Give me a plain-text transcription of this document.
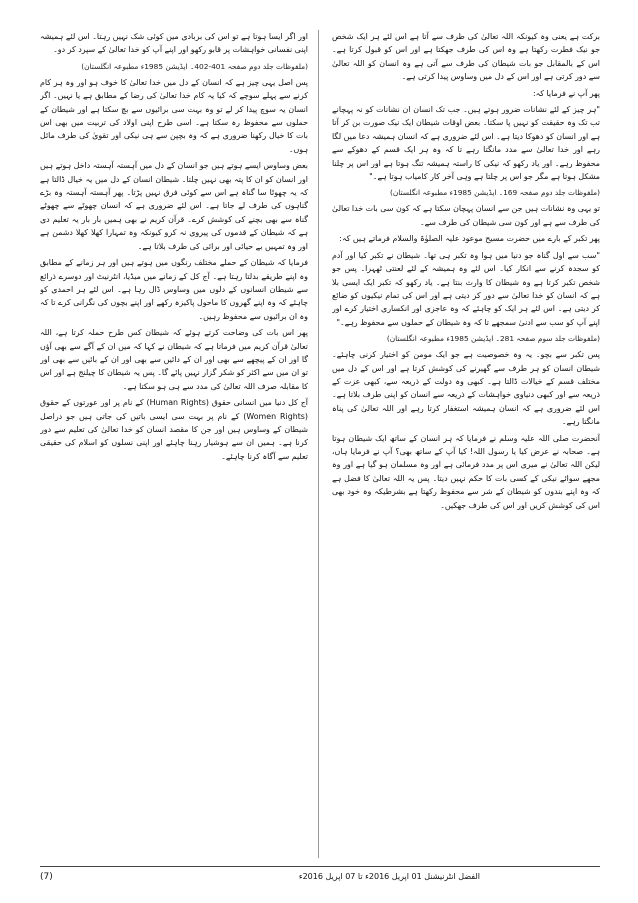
برکت ہے یعنی وہ کیونکہ اللہ تعالیٰ کی طرف سے آتا ہے اس لئے ہر ایک شخص جو نیک فطرت رکھتا ہے وہ اس کی طرف جھکتا ہے اور اس کو قبول کرتا ہے۔ اس کے بالمقابل جو بات شیطان کی طرف سے آتی ہے وہ انسان کو اللہ تعالیٰ سے دور کرتی ہے اور اس کے دل میں وساوس پیدا کرتی ہے۔

پھر آپ نے فرمایا کہ:

"ہر چیز کے لئے نشانات ضرور ہوتے ہیں۔ جب تک انسان ان نشانات کو نہ پہچانے تب تک وہ حقیقت کو نہیں پا سکتا۔ بعض اوقات شیطان ایک نیک صورت بن کر آتا ہے اور انسان کو دھوکا دیتا ہے۔ اس لئے ضروری ہے کہ انسان ہمیشہ دعا میں لگا رہے اور خدا تعالیٰ سے مدد مانگتا رہے تا کہ وہ ہر ایک قسم کے دھوکے سے محفوظ رہے۔ اور یاد رکھو کہ نیکی کا راستہ ہمیشہ تنگ ہوتا ہے اور اس پر چلنا مشکل ہوتا ہے مگر جو اس پر چلتا ہے وہی آخر کار کامیاب ہوتا ہے۔"

(ملفوظات جلد دوم صفحہ 169۔ ایڈیشن 1985ء مطبوعہ انگلستان)

تو یہی وہ نشانات ہیں جن سے انسان پہچان سکتا ہے کہ کون سی بات خدا تعالیٰ کی طرف سے ہے اور کون سی شیطان کی طرف سے۔

پھر تکبر کے بارے میں حضرت مسیح موعود علیہ الصلوٰۃ والسلام فرماتے ہیں کہ:

"سب سے اول گناہ جو دنیا میں ہوا وہ تکبر ہی تھا۔ شیطان نے تکبر کیا اور آدم کو سجدہ کرنے سے انکار کیا۔ اس لئے وہ ہمیشہ کے لئے لعنتی ٹھہرا۔ پس جو شخص تکبر کرتا ہے وہ شیطان کا وارث بنتا ہے۔ یاد رکھو کہ تکبر ایک ایسی بلا ہے کہ انسان کو خدا تعالیٰ سے دور کر دیتی ہے اور اس کی تمام نیکیوں کو ضائع کر دیتی ہے۔ اس لئے ہر ایک کو چاہئے کہ وہ عاجزی اور انکساری اختیار کرے اور اپنے آپ کو سب سے ادنیٰ سمجھے تا کہ وہ شیطان کے حملوں سے محفوظ رہے۔"

(ملفوظات جلد سوم صفحہ 281۔ ایڈیشن 1985ء مطبوعہ انگلستان)

پس تکبر سے بچو۔ یہ وہ خصوصیت ہے جو ایک مومن کو اختیار کرنی چاہئے۔ شیطان انسان کو ہر طرف سے گھیرنے کی کوشش کرتا ہے اور اس کے دل میں مختلف قسم کے خیالات ڈالتا ہے۔ کبھی وہ دولت کے ذریعہ سے، کبھی عزت کے ذریعہ سے اور کبھی دنیاوی خواہشات کے ذریعہ سے انسان کو اپنی طرف بلاتا ہے۔ اس لئے ضروری ہے کہ انسان ہمیشہ استغفار کرتا رہے اور اللہ تعالیٰ کی پناہ مانگتا رہے۔

آنحضرت صلی اللہ علیہ وسلم نے فرمایا کہ ہر انسان کے ساتھ ایک شیطان ہوتا ہے۔ صحابہ نے عرض کیا یا رسول اللہ! کیا آپ کے ساتھ بھی؟ آپ نے فرمایا ہاں، لیکن اللہ تعالیٰ نے میری اس پر مدد فرمائی ہے اور وہ مسلمان ہو گیا ہے اور وہ مجھے سوائے نیکی کے کسی بات کا حکم نہیں دیتا۔ پس یہ اللہ تعالیٰ کا فضل ہے کہ وہ اپنے بندوں کو شیطان کے شر سے محفوظ رکھتا ہے بشرطیکہ وہ خود بھی اس کی کوشش کریں اور اس کی طرف جھکیں۔

اور اگر ایسا ہوتا ہے تو اس کی بربادی میں کوئی شک نہیں رہتا۔ اس لئے ہمیشہ اپنی نفسانی خواہشات پر قابو رکھو اور اپنے آپ کو خدا تعالیٰ کے سپرد کر دو۔

(ملفوظات جلد دوم صفحہ 401-402۔ ایڈیشن 1985ء مطبوعہ انگلستان)

پس اصل یہی چیز ہے کہ انسان کے دل میں خدا تعالیٰ کا خوف ہو اور وہ ہر کام کرنے سے پہلے سوچے کہ کیا یہ کام خدا تعالیٰ کی رضا کے مطابق ہے یا نہیں۔ اگر انسان یہ سوچ پیدا کر لے تو وہ بہت سی برائیوں سے بچ سکتا ہے اور شیطان کے حملوں سے محفوظ رہ سکتا ہے۔ اسی طرح اپنی اولاد کی تربیت میں بھی اس بات کا خیال رکھنا ضروری ہے کہ وہ بچپن سے ہی نیکی اور تقویٰ کی طرف مائل ہوں۔

بعض وساوس ایسے ہوتے ہیں جو انسان کے دل میں آہستہ آہستہ داخل ہوتے ہیں اور انسان کو ان کا پتہ بھی نہیں چلتا۔ شیطان انسان کے دل میں یہ خیال ڈالتا ہے کہ یہ چھوٹا سا گناہ ہے اس سے کوئی فرق نہیں پڑتا۔ پھر آہستہ آہستہ وہ بڑے گناہوں کی طرف لے جاتا ہے۔ اس لئے ضروری ہے کہ انسان چھوٹے سے چھوٹے گناہ سے بھی بچنے کی کوشش کرے۔ قرآن کریم نے بھی ہمیں بار بار یہ تعلیم دی ہے کہ شیطان کے قدموں کی پیروی نہ کرو کیونکہ وہ تمہارا کھلا کھلا دشمن ہے اور وہ تمہیں بے حیائی اور برائی کی طرف بلاتا ہے۔

فرمایا کہ شیطان کے حملے مختلف رنگوں میں ہوتے ہیں اور ہر زمانے کے مطابق وہ اپنے طریقے بدلتا رہتا ہے۔ آج کل کے زمانے میں میڈیا، انٹرنیٹ اور دوسرے ذرائع سے شیطان انسانوں کے دلوں میں وساوس ڈال رہا ہے۔ اس لئے ہر احمدی کو چاہئے کہ وہ اپنے گھروں کا ماحول پاکیزہ رکھے اور اپنے بچوں کی نگرانی کرے تا کہ وہ ان برائیوں سے محفوظ رہیں۔

پھر اس بات کی وضاحت کرتے ہوئے کہ شیطان کس طرح حملہ کرتا ہے، اللہ تعالیٰ قرآن کریم میں فرماتا ہے کہ شیطان نے کہا کہ میں ان کے آگے سے بھی آؤں گا اور ان کے پیچھے سے بھی اور ان کے دائیں سے بھی اور ان کے بائیں سے بھی اور تو ان میں سے اکثر کو شکر گزار نہیں پائے گا۔ پس یہ شیطان کا چیلنج ہے اور اس کا مقابلہ صرف اللہ تعالیٰ کی مدد سے ہی ہو سکتا ہے۔

آج کل دنیا میں انسانی حقوق (Human Rights) کے نام پر اور عورتوں کے حقوق (Women Rights) کے نام پر بہت سی ایسی باتیں کی جاتی ہیں جو دراصل شیطان کے وساوس ہیں اور جن کا مقصد انسان کو خدا تعالیٰ کی تعلیم سے دور کرنا ہے۔ ہمیں ان سے ہوشیار رہنا چاہئے اور اپنی نسلوں کو اسلام کی حقیقی تعلیم سے آگاہ کرنا چاہئے۔

الفضل انٹرنیشنل 01 اپریل 2016ء تا 07 اپریل 2016ء
(7)
